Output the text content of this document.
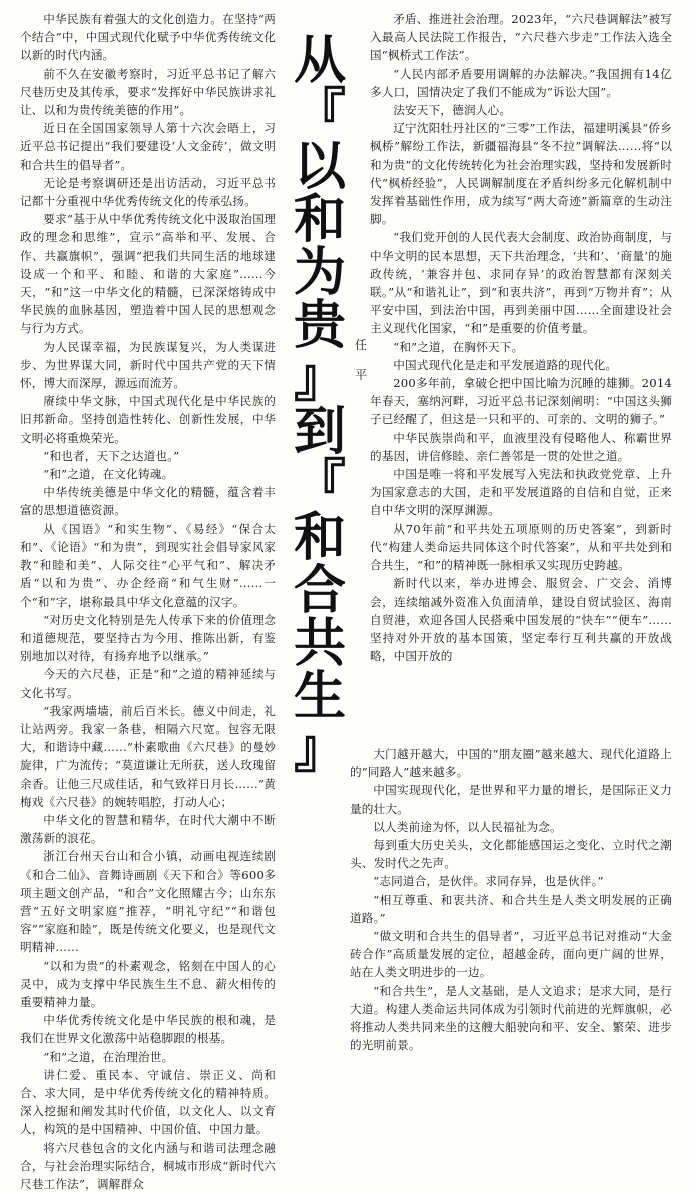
中华民族有着强大的文化创造力。在坚持“两个结合”中，中国式现代化赋予中华优秀传统文化以新的时代内涵。

前不久在安徽考察时，习近平总书记了解六尺巷历史及其传承，要求“发挥好中华民族讲求礼让、以和为贵传统美德的作用”。

近日在全国国家领导人第十六次会晤上，习近平总书记提出“我们要建设‘人文金砖’，做文明和合共生的倡导者”。

无论是考察调研还是出访活动，习近平总书记都十分重视中华优秀传统文化的传承弘扬。

要求“基于从中华优秀传统文化中汲取治国理政的理念和思维”，宣示“高举和平、发展、合作、共赢旗帜”，强调“把我们共同生活的地球建设成一个和平、和睦、和谐的大家庭”……今天，“和”这一中华文化的精髓，已深深熔铸成中华民族的血脉基因，塑造着中国人民的思想观念与行为方式。

为人民谋幸福，为民族谋复兴，为人类谋进步、为世界谋大同，新时代中国共产党的天下情怀，博大而深厚，源远而流芳。

赓续中华文脉，中国式现代化是中华民族的旧邦新命。坚持创造性转化、创新性发展，中华文明必将重焕荣光。

“和也者，天下之达道也。”

“和”之道，在文化铸魂。

中华传统美德是中华文化的精髓，蕴含着丰富的思想道德资源。

从《国语》“和实生物”、《易经》“保合太和”、《论语》“和为贵”，到现实社会倡导家风家教“和睦和美”、人际交往“心平气和”、解决矛盾“以和为贵”、办企经商“和气生财”……一个“和”字，堪称最具中华文化意蕴的汉字。

“对历史文化特别是先人传承下来的价值理念和道德规范，要坚持古为今用、推陈出新，有鉴别地加以对待，有扬弃地予以继承。”

今天的六尺巷，正是“和”之道的精神延续与文化书写。

“我家两墙墙，前后百米长。德义中间走，礼让站两旁。我家一条巷，相隔六尺宽。包容无限大，和谐诗中藏……”朴素歌曲《六尺巷》的曼妙旋律，广为流传；“莫道谦让无所获，送人玫瑰留余香。让他三尺成佳话，和气致祥日月长……”黄梅戏《六尺巷》的婉转唱腔，打动人心；

中华文化的智慧和精华，在时代大潮中不断激荡新的浪花。

浙江台州天台山和合小镇，动画电视连续剧《和合二仙》、音舞诗画剧《天下和合》等600多项主题文创产品，“和合”文化照耀古今；山东东营“五好文明家庭”推荐，“明礼守纪”“和谐包容”“家庭和睦”，既是传统文化要义，也是现代文明精神……

“以和为贵”的朴素观念，铭刻在中国人的心灵中，成为支撑中华民族生生不息、薪火相传的重要精神力量。

中华优秀传统文化是中华民族的根和魂，是我们在世界文化激荡中站稳脚跟的根基。

“和”之道，在治理治世。

讲仁爱、重民本、守诚信、崇正义、尚和合、求大同，是中华优秀传统文化的精神特质。深入挖掘和阐发其时代价值，以文化人、以文育人，构筑的是中国精神、中国价值、中国力量。

将六尺巷包含的文化内涵与和谐司法理念融合，与社会治理实际结合，桐城市形成“新时代六尺巷工作法”，调解群众

从
『
以
和
为
贵
』
到
『
和
合
共
生
』
任
平

矛盾、推进社会治理。2023年，“六尺巷调解法”被写入最高人民法院工作报告，“六尺巷六步走”工作法入选全国“枫桥式工作法”。

“人民内部矛盾要用调解的办法解决。”我国拥有14亿多人口，国情决定了我们不能成为“诉讼大国”。

法安天下，德润人心。

辽宁沈阳牡丹社区的“三零”工作法，福建明溪县“侨乡枫桥”解纷工作法，新疆福海县“冬不拉”调解法……将“以和为贵”的文化传统转化为社会治理实践，坚持和发展新时代“枫桥经验”，人民调解制度在矛盾纠纷多元化解机制中发挥着基础性作用，成为续写“两大奇迹”新篇章的生动注脚。

“我们党开创的人民代表大会制度、政治协商制度，与中华文明的民本思想，天下共治理念，‘共和’、‘商量’的施政传统，‘兼容并包、求同存异’的政治智慧都有深刻关联。”从“和谐礼让”，到“和衷共济”，再到“万物并育”；从平安中国，到法治中国，再到美丽中国……全面建设社会主义现代化国家，“和”是重要的价值考量。

“和”之道，在胸怀天下。

中国式现代化是走和平发展道路的现代化。

200多年前，拿破仑把中国比喻为沉睡的雄狮。2014年春天，塞纳河畔，习近平总书记深刻阐明：“中国这头狮子已经醒了，但这是一只和平的、可亲的、文明的狮子。”

中华民族崇尚和平，血液里没有侵略他人、称霸世界的基因，讲信修睦、亲仁善邻是一贯的处世之道。

中国是唯一将和平发展写入宪法和执政党党章、上升为国家意志的大国，走和平发展道路的自信和自觉，正来自中华文明的深厚渊源。

从70年前“和平共处五项原则的历史答案”，到新时代“构建人类命运共同体这个时代答案”，从和平共处到和合共生，“和”的精神既一脉相承又实现历史跨越。

新时代以来，举办进博会、服贸会、广交会、消博会，连续缩减外资准入负面清单，建设自贸试验区、海南自贸港，欢迎各国人民搭乘中国发展的“快车”“便车”……坚持对外开放的基本国策，坚定奉行互利共赢的开放战略，中国开放的

大门越开越大，中国的“朋友圈”越来越大、现代化道路上的“同路人”越来越多。

中国实现现代化，是世界和平力量的增长，是国际正义力量的壮大。

以人类前途为怀，以人民福祉为念。

每到重大历史关头，文化都能感国运之变化、立时代之潮头、发时代之先声。

“志同道合，是伙伴。求同存异，也是伙伴。”

“相互尊重、和衷共济、和合共生是人类文明发展的正确道路。”

“做文明和合共生的倡导者”，习近平总书记对推动“大金砖合作”高质量发展的定位，超越金砖，面向更广阔的世界，站在人类文明进步的一边。

“和合共生”，是人文基础，是人文追求；是求大同，是行大道。构建人类命运共同体成为引领时代前进的光辉旗帜，必将推动人类共同来坐的这艘大船驶向和平、安全、繁荣、进步的光明前景。
